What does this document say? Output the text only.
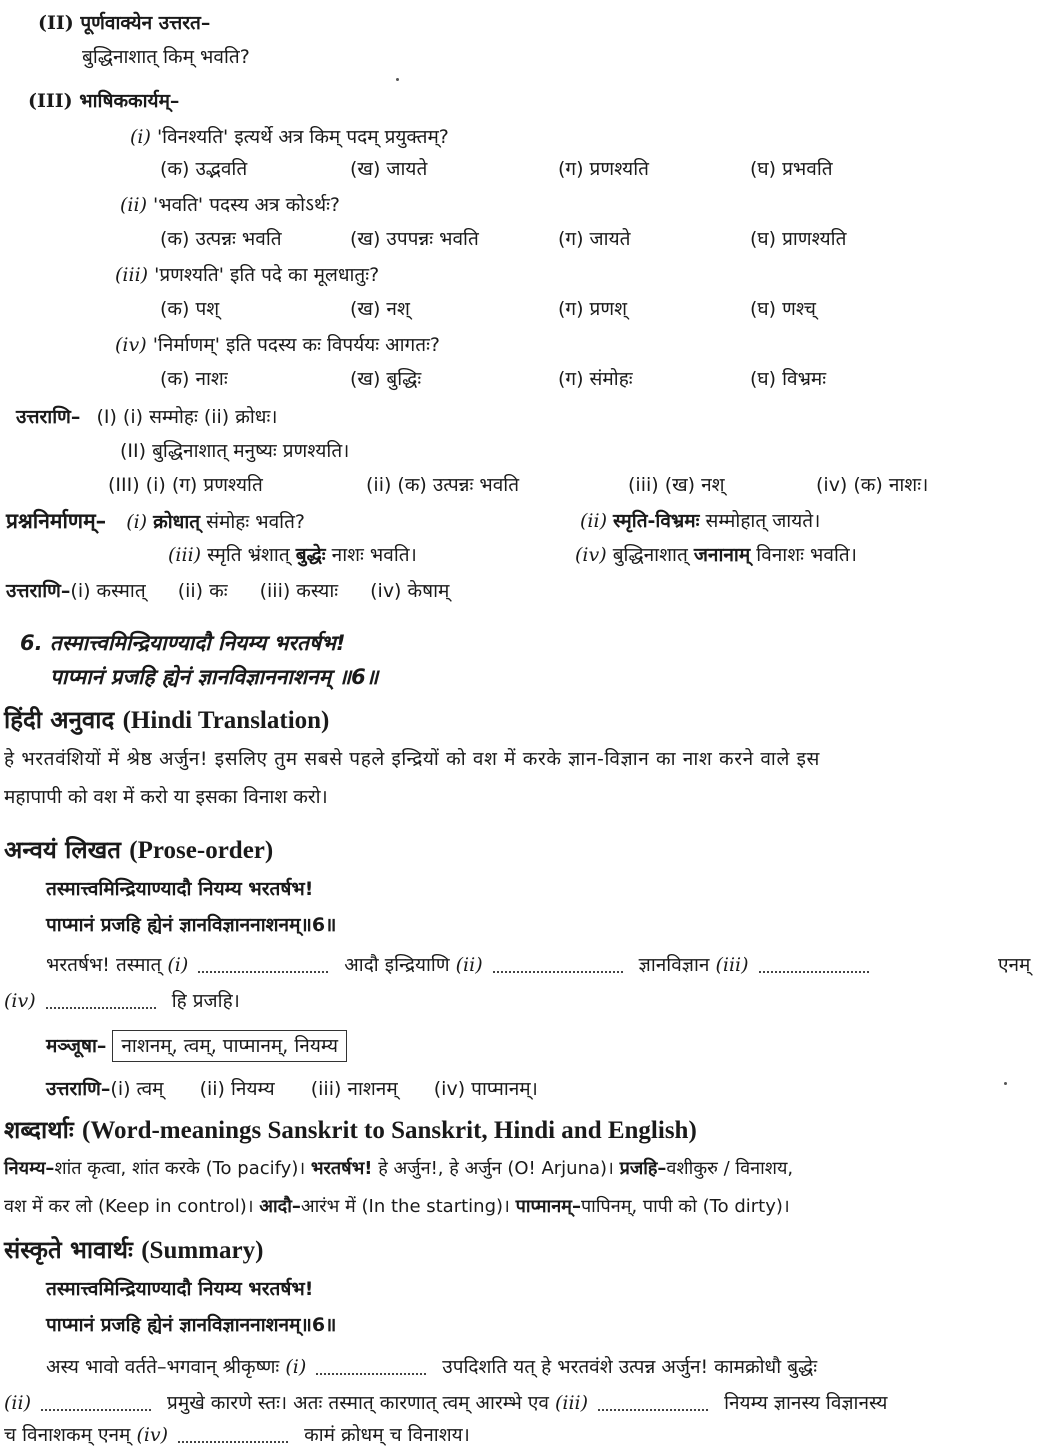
(II) पूर्णवाक्येन उत्तरत–
बुद्धिनाशात् किम् भवति?
(III) भाषिककार्यम्–
(i) 'विनश्यति' इत्यर्थे अत्र किम् पदम् प्रयुक्तम्?
(क) उद्भवति	(ख) जायते	(ग) प्रणश्यति	(घ) प्रभवति
(ii) 'भवति' पदस्य अत्र कोऽर्थः?
(क) उत्पन्नः भवति	(ख) उपपन्नः भवति	(ग) जायते	(घ) प्राणश्यति
(iii) 'प्रणश्यति' इति पदे का मूलधातुः?
(क) पश्	(ख) नश्	(ग) प्रणश्	(घ) णश्च्
(iv) 'निर्माणम्' इति पदस्य कः विपर्ययः आगतः?
(क) नाशः	(ख) बुद्धिः	(ग) संमोहः	(घ) विभ्रमः
उत्तराणि– (I) (i) सम्मोहः (ii) क्रोधः।
(II) बुद्धिनाशात् मनुष्यः प्रणश्यति।
(III) (i) (ग) प्रणश्यति	(ii) (क) उत्पन्नः भवति	(iii) (ख) नश्	(iv) (क) नाशः।
प्रश्ननिर्माणम्– (i) क्रोधात् संमोहः भवति?	(ii) स्मृति-विभ्रमः सम्मोहात् जायते।
(iii) स्मृति भ्रंशात् बुद्धेः नाशः भवति।	(iv) बुद्धिनाशात् जनानाम् विनाशः भवति।
उत्तराणि–(i) कस्मात् (ii) कः (iii) कस्याः (iv) केषाम्
6. तस्मात्त्वमिन्द्रियाण्यादौ नियम्य भरतर्षभ!
पाप्मानं प्रजहि ह्येनं ज्ञानविज्ञाननाशनम् ॥6॥
हिंदी अनुवाद (Hindi Translation)
हे भरतवंशियों में श्रेष्ठ अर्जुन! इसलिए तुम सबसे पहले इन्द्रियों को वश में करके ज्ञान-विज्ञान का नाश करने वाले इस
महापापी को वश में करो या इसका विनाश करो।
अन्वयं लिखत (Prose-order)
तस्मात्त्वमिन्द्रियाण्यादौ नियम्य भरतर्षभ!
पाप्मानं प्रजहि ह्येनं ज्ञानविज्ञाननाशनम्॥6॥
भरतर्षभ! तस्मात् (i)	आदौ इन्द्रियाणि (ii)	ज्ञानविज्ञान (iii)	एनम्
(iv)	हि प्रजहि।
मञ्जूषा– नाशनम्, त्वम्, पाप्मानम्, नियम्य
उत्तराणि–(i) त्वम् (ii) नियम्य (iii) नाशनम् (iv) पाप्मानम्।
शब्दार्थाः (Word-meanings Sanskrit to Sanskrit, Hindi and English)
नियम्य–शांत कृत्वा, शांत करके (To pacify)। भरतर्षभ! हे अर्जुन!, हे अर्जुन (O! Arjuna)। प्रजहि–वशीकुरु / विनाशय,
वश में कर लो (Keep in control)। आदौ–आरंभ में (In the starting)। पाप्मानम्–पापिनम्, पापी को (To dirty)।
संस्कृते भावार्थः (Summary)
तस्मात्त्वमिन्द्रियाण्यादौ नियम्य भरतर्षभ!
पाप्मानं प्रजहि ह्येनं ज्ञानविज्ञाननाशनम्॥6॥
अस्य भावो वर्तते–भगवान् श्रीकृष्णः (i)	उपदिशति यत् हे भरतवंशे उत्पन्न अर्जुन! कामक्रोधौ बुद्धेः
(ii)	प्रमुखे कारणे स्तः। अतः तस्मात् कारणात् त्वम् आरम्भे एव (iii)	नियम्य ज्ञानस्य विज्ञानस्य
च विनाशकम् एनम् (iv)	कामं क्रोधम् च विनाशय।
